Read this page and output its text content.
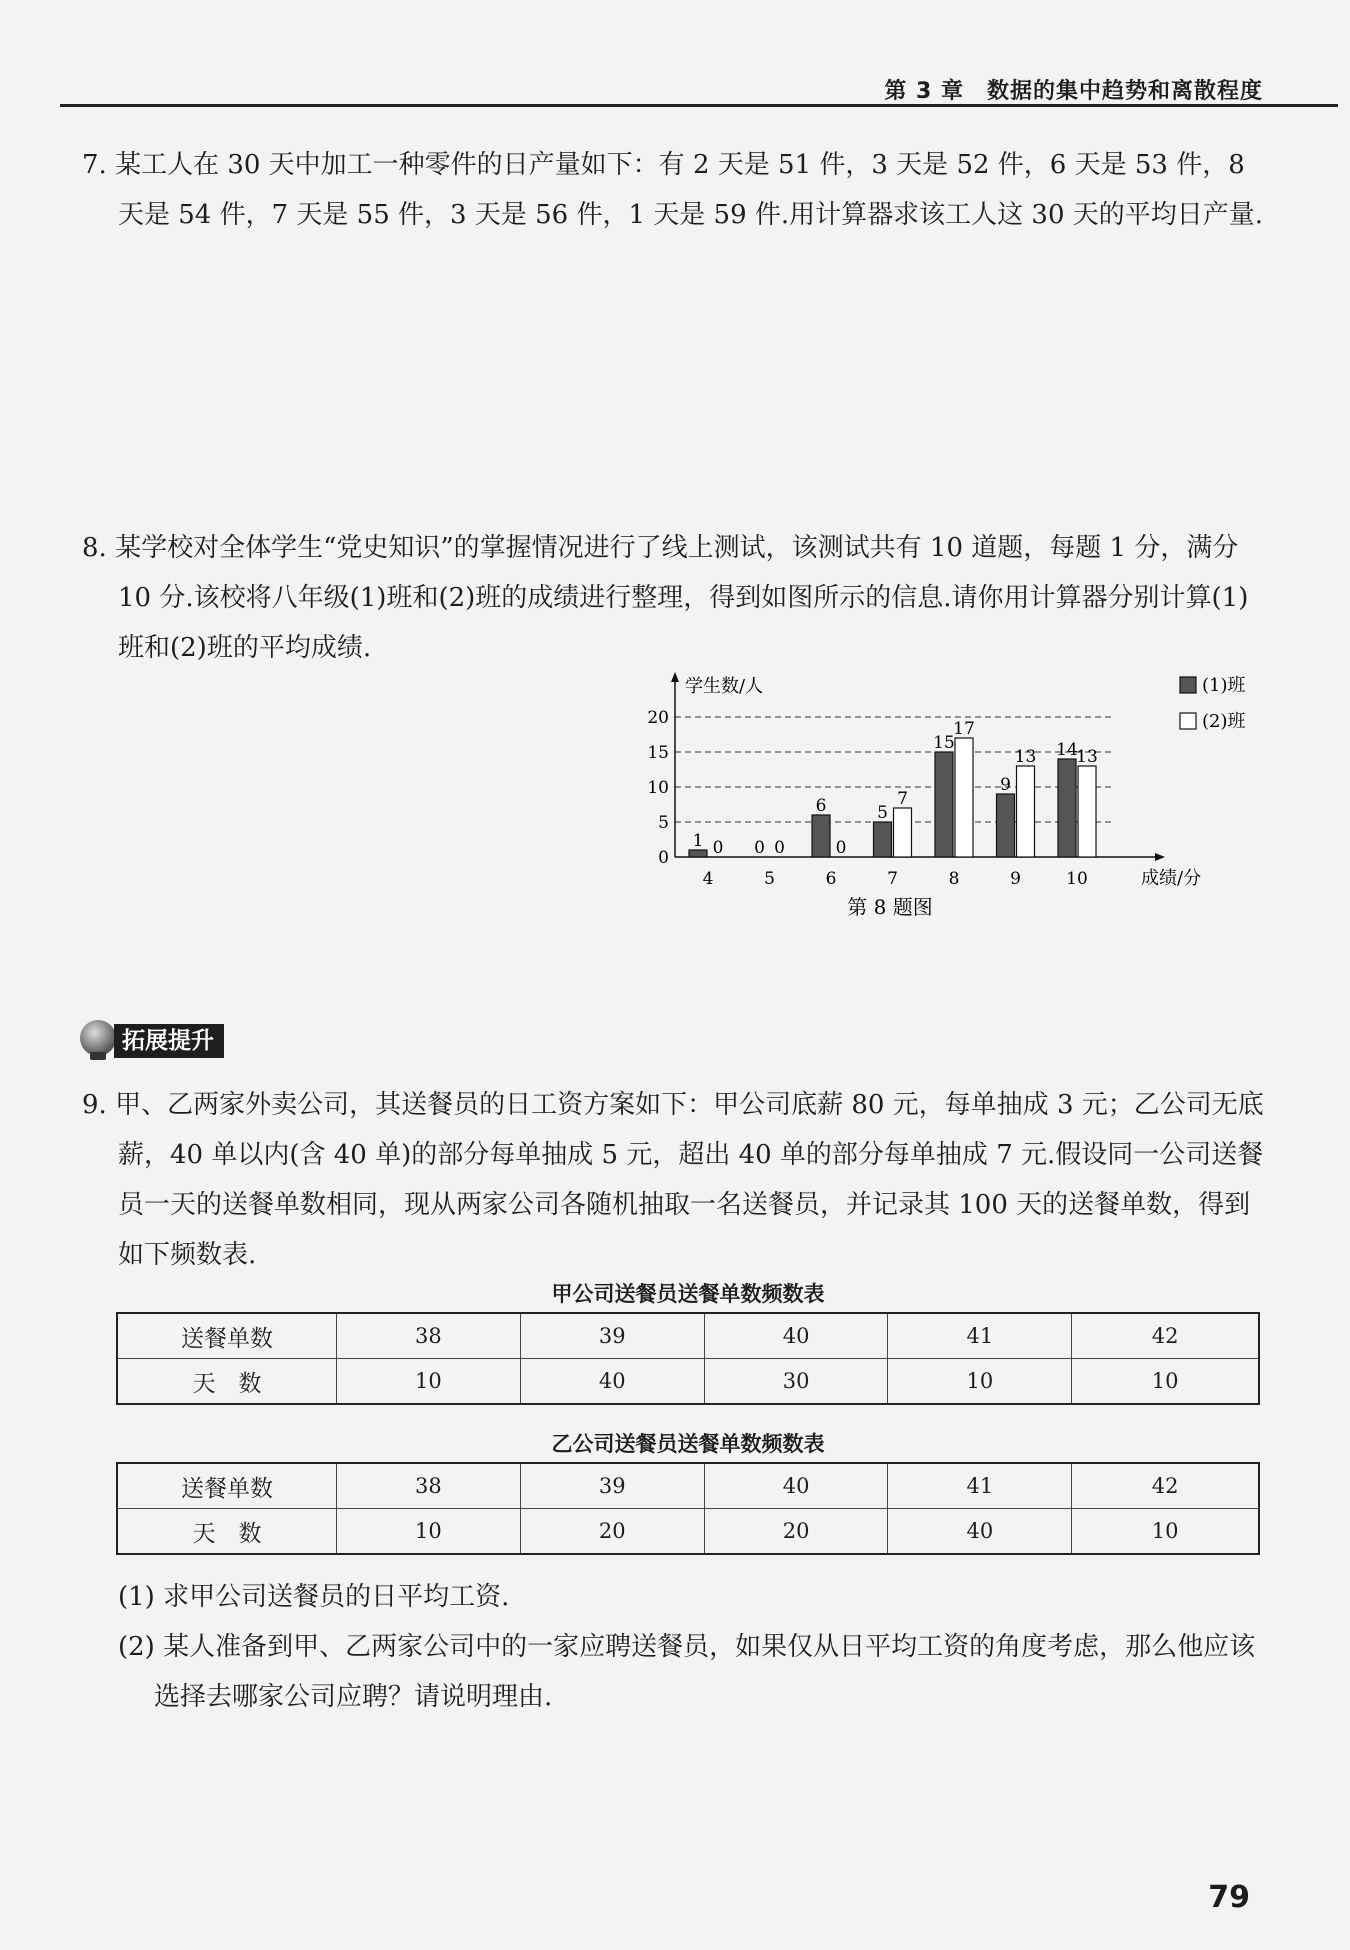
第 3 章　数据的集中趋势和离散程度
7. 某工人在 30 天中加工一种零件的日产量如下：有 2 天是 51 件，3 天是 52 件，6 天是 53 件，8 天是 54 件，7 天是 55 件，3 天是 56 件，1 天是 59 件.用计算器求该工人这 30 天的平均日产量.
8. 某学校对全体学生“党史知识”的掌握情况进行了线上测试，该测试共有 10 道题，每题 1 分，满分 10 分.该校将八年级(1)班和(2)班的成绩进行整理，得到如图所示的信息.请你用计算器分别计算(1)班和(2)班的平均成绩.
0
5
10
15
20
学生数/人
成绩/分
4
1 0
5
0 0
6
6
0
7
5
7
8
15
17
9
9
13
10
14
13
(1)班
(2)班
第 8 题图
拓展提升
9. 甲、乙两家外卖公司，其送餐员的日工资方案如下：甲公司底薪 80 元，每单抽成 3 元；乙公司无底薪，40 单以内(含 40 单)的部分每单抽成 5 元，超出 40 单的部分每单抽成 7 元.假设同一公司送餐员一天的送餐单数相同，现从两家公司各随机抽取一名送餐员，并记录其 100 天的送餐单数，得到如下频数表.
甲公司送餐员送餐单数频数表
送餐单数	38	39	40	41	42
天　数	10	40	30	10	10
乙公司送餐员送餐单数频数表
送餐单数	38	39	40	41	42
天　数	10	20	20	40	10
(1) 求甲公司送餐员的日平均工资.
(2) 某人准备到甲、乙两家公司中的一家应聘送餐员，如果仅从日平均工资的角度考虑，那么他应该选择去哪家公司应聘？请说明理由.
79
